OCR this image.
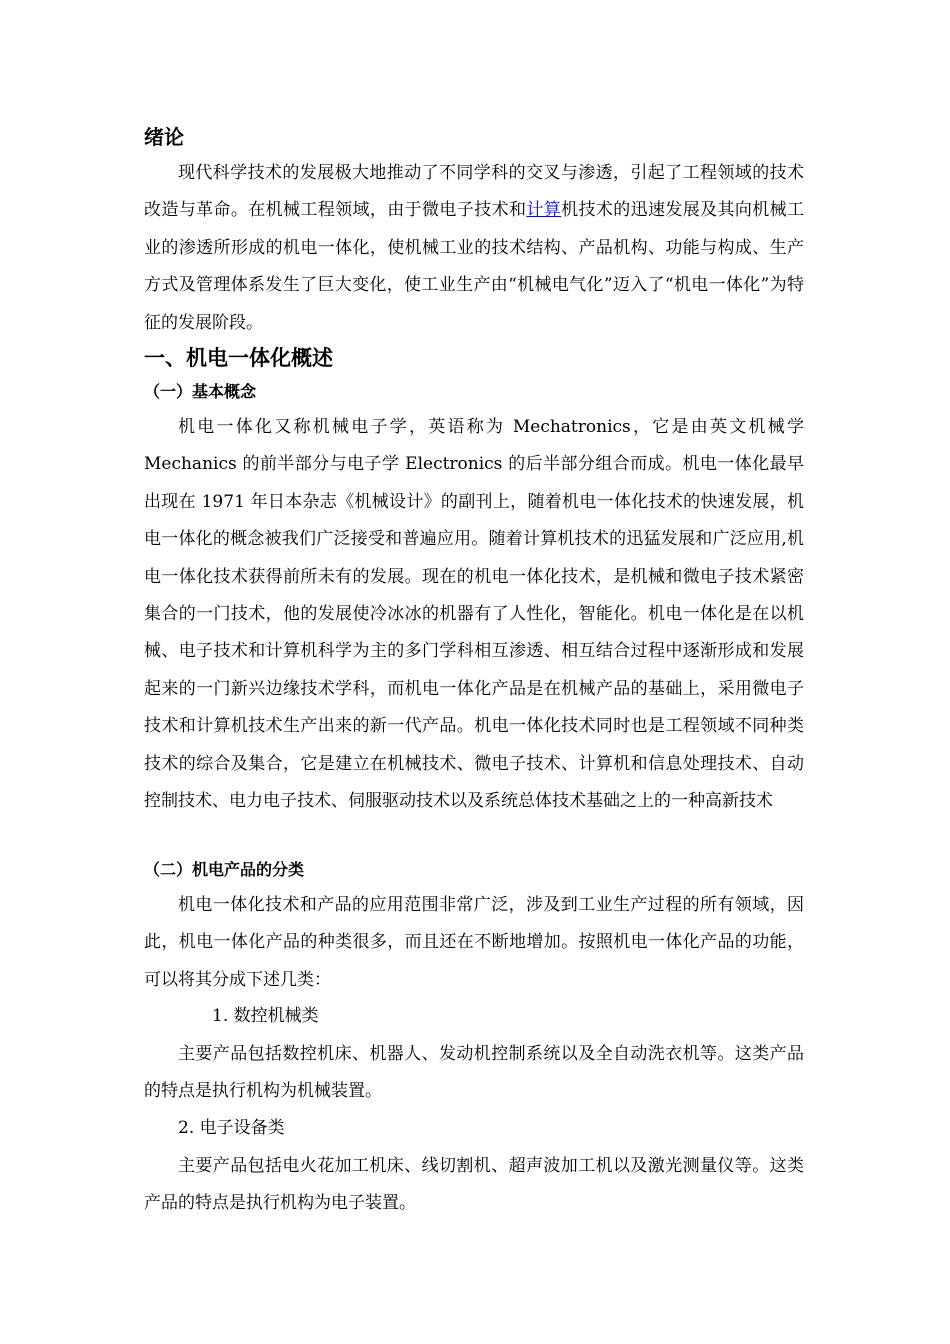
绪论

现代科学技术的发展极大地推动了不同学科的交叉与渗透，引起了工程领域的技术改造与革命。在机械工程领域，由于微电子技术和计算机技术的迅速发展及其向机械工业的渗透所形成的机电一体化，使机械工业的技术结构、产品机构、功能与构成、生产方式及管理体系发生了巨大变化，使工业生产由“机械电气化”迈入了“机电一体化”为特征的发展阶段。

一、机电一体化概述
（一）基本概念

机电一体化又称机械电子学，英语称为 Mechatronics，它是由英文机械学 Mechanics 的前半部分与电子学 Electronics 的后半部分组合而成。机电一体化最早出现在 1971 年日本杂志《机械设计》的副刊上，随着机电一体化技术的快速发展，机电一体化的概念被我们广泛接受和普遍应用。随着计算机技术的迅猛发展和广泛应用,机电一体化技术获得前所未有的发展。现在的机电一体化技术，是机械和微电子技术紧密集合的一门技术，他的发展使冷冰冰的机器有了人性化，智能化。机电一体化是在以机械、电子技术和计算机科学为主的多门学科相互渗透、相互结合过程中逐渐形成和发展起来的一门新兴边缘技术学科，而机电一体化产品是在机械产品的基础上，采用微电子技术和计算机技术生产出来的新一代产品。机电一体化技术同时也是工程领域不同种类技术的综合及集合，它是建立在机械技术、微电子技术、计算机和信息处理技术、自动控制技术、电力电子技术、伺服驱动技术以及系统总体技术基础之上的一种高新技术

（二）机电产品的分类

机电一体化技术和产品的应用范围非常广泛，涉及到工业生产过程的所有领域，因此，机电一体化产品的种类很多，而且还在不断地增加。按照机电一体化产品的功能，可以将其分成下述几类：

1. 数控机械类

主要产品包括数控机床、机器人、发动机控制系统以及全自动洗衣机等。这类产品的特点是执行机构为机械装置。

2. 电子设备类

主要产品包括电火花加工机床、线切割机、超声波加工机以及激光测量仪等。这类产品的特点是执行机构为电子装置。
